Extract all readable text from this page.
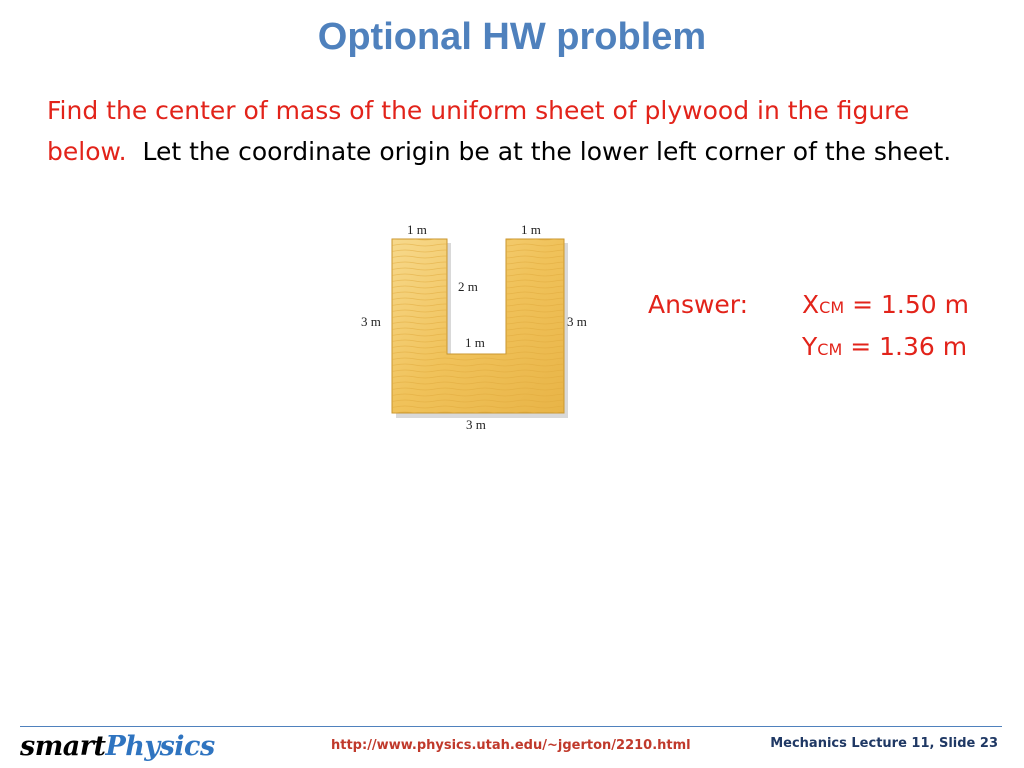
Optional HW problem
Find the center of mass of the uniform sheet of plywood in the figure below. Let the coordinate origin be at the lower left corner of the sheet.
1 m	1 m
2 m
1 m
3 m	3 m
3 m
Answer:	X CM
= 1.50 m
Y CM
= 1.36 m
smartPhysics	http://www.physics.utah.edu/~jgerton/2210.html	Mechanics Lecture 11, Slide 23
